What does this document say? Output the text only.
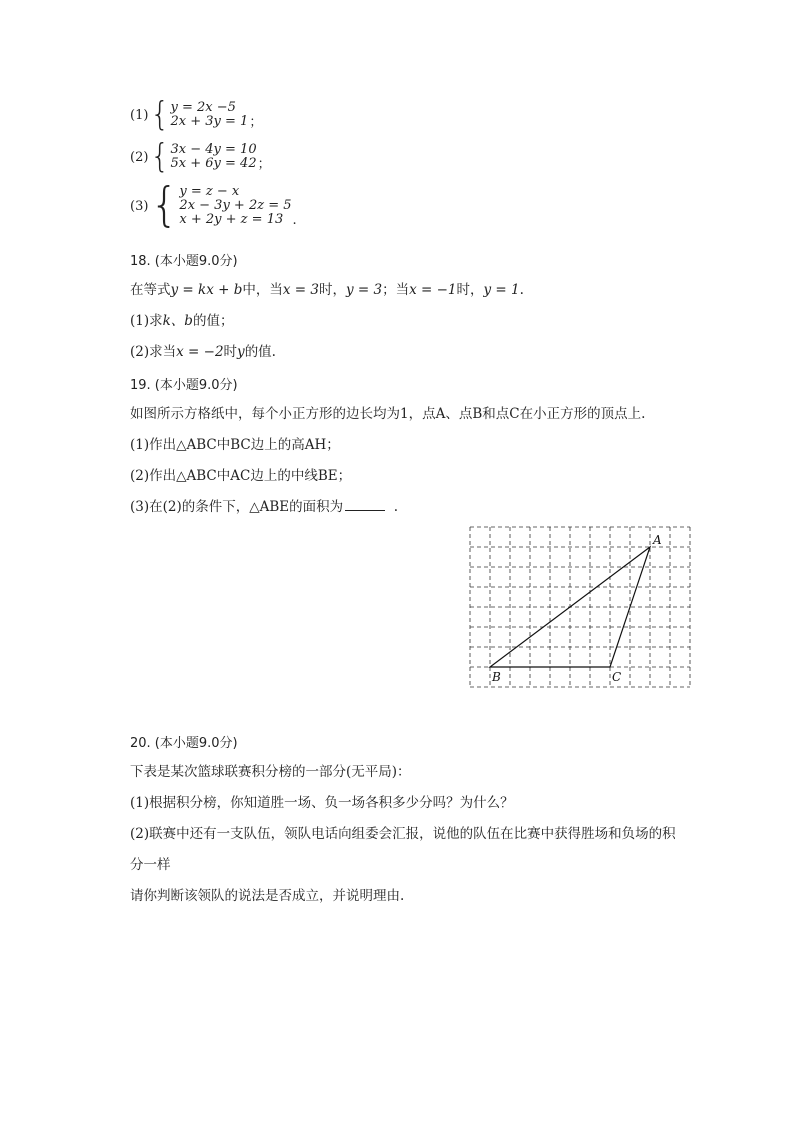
(1) { y = 2x −5
2x + 3y = 1 ；
(2) { 3x − 4y = 10
5x + 6y = 42 ；
(3) { y = z − x
2x − 3y + 2z = 5
x + 2y + z = 13 .
18. (本小题9.0分)
在等式y = kx + b中，当x = 3时，y = 3；当x = −1时，y = 1.
(1)求k、b的值；
(2)求当x = −2时y的值.
19. (本小题9.0分)
如图所示方格纸中，每个小正方形的边长均为1，点A、点B和点C在小正方形的顶点上.
(1)作出△ABC中BC边上的高AH；
(2)作出△ABC中AC边上的中线BE；
(3)在(2)的条件下，△ABE的面积为	.
A
B	C
20. (本小题9.0分)
下表是某次篮球联赛积分榜的一部分(无平局)：
(1)根据积分榜，你知道胜一场、负一场各积多少分吗？为什么？
(2)联赛中还有一支队伍，领队电话向组委会汇报，说他的队伍在比赛中获得胜场和负场的积
分一样
请你判断该领队的说法是否成立，并说明理由.
